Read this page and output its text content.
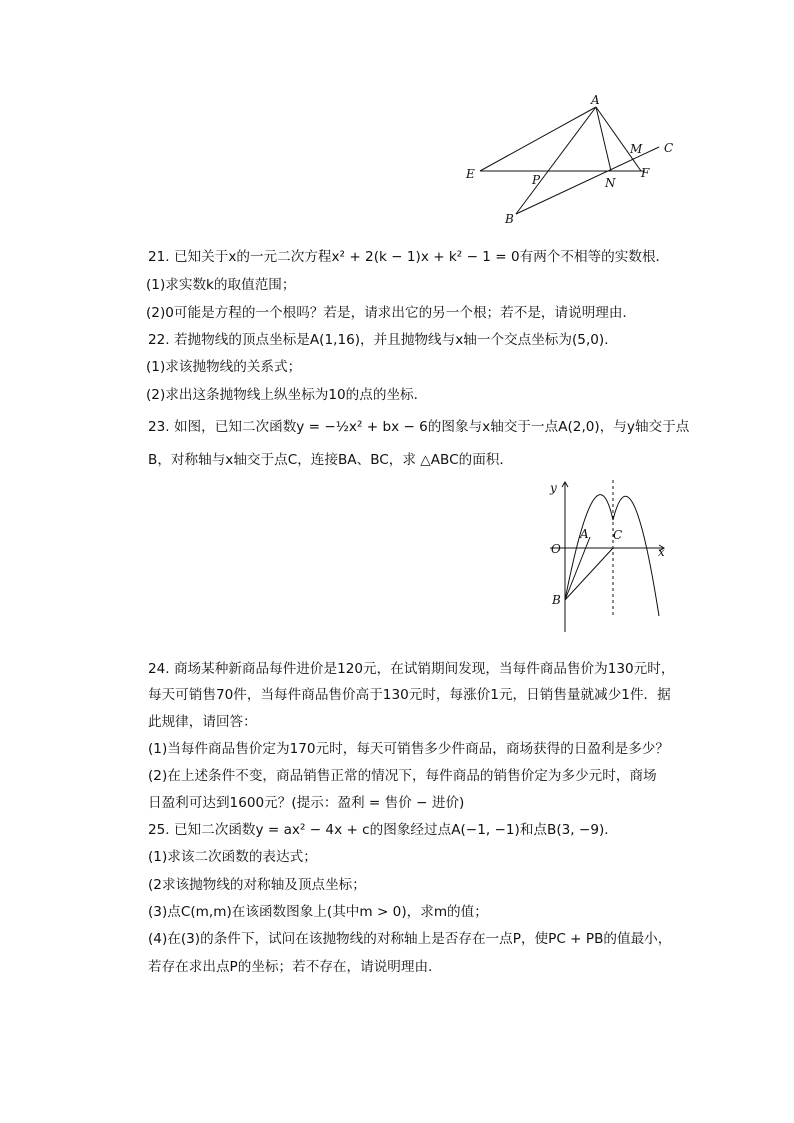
A
M C
E	P	N
F
B
21. 已知关于x的一元二次方程x² + 2(k − 1)x + k² − 1 = 0有两个不相等的实数根．
(1)求实数k的取值范围；
(2)0可能是方程的一个根吗？若是，请求出它的另一个根；若不是，请说明理由．
22. 若抛物线的顶点坐标是A(1,16)，并且抛物线与x轴一个交点坐标为(5,0)．
(1)求该抛物线的关系式；
(2)求出这条抛物线上纵坐标为10的点的坐标．
23. 如图，已知二次函数y = −½x² + bx − 6的图象与x轴交于一点A(2,0)，与y轴交于点
B，对称轴与x轴交于点C，连接BA、BC，求 △ABC的面积．
y
x
O
A C
B
24. 商场某种新商品每件进价是120元，在试销期间发现，当每件商品售价为130元时，
每天可销售70件，当每件商品售价高于130元时，每涨价1元，日销售量就减少1件．据
此规律，请回答：
(1)当每件商品售价定为170元时，每天可销售多少件商品，商场获得的日盈利是多少？
(2)在上述条件不变，商品销售正常的情况下，每件商品的销售价定为多少元时，商场
日盈利可达到1600元？(提示：盈利 = 售价 − 进价)
25. 已知二次函数y = ax² − 4x + c的图象经过点A(−1, −1)和点B(3, −9)．
(1)求该二次函数的表达式；
(2求该抛物线的对称轴及顶点坐标；
(3)点C(m,m)在该函数图象上(其中m > 0)，求m的值；
(4)在(3)的条件下，试问在该抛物线的对称轴上是否存在一点P，使PC + PB的值最小，
若存在求出点P的坐标；若不存在，请说明理由．
